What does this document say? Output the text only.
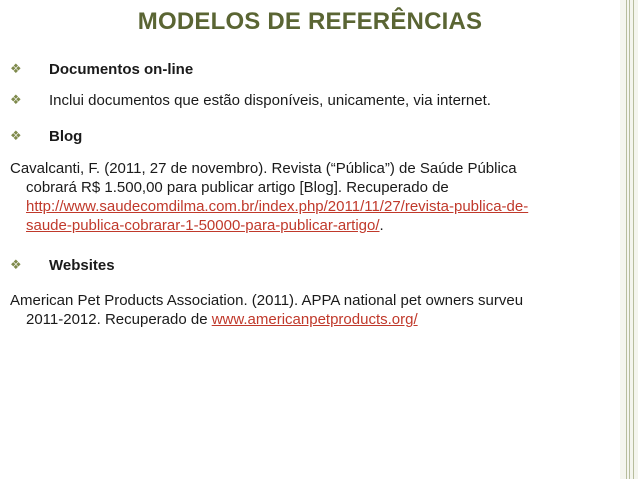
MODELOS DE REFERÊNCIAS
❖	Documentos on-line
❖	Inclui documentos que estão disponíveis, unicamente, via internet.
❖	Blog
Cavalcanti, F. (2011, 27 de novembro). Revista (“Pública”) de Saúde Pública
cobrará R$ 1.500,00 para publicar artigo [Blog]. Recuperado de
http://www.saudecomdilma.com.br/index.php/2011/11/27/revista-publica-de-
saude-publica-cobrarar-1-50000-para-publicar-artigo/.
❖	Websites
American Pet Products Association. (2011). APPA national pet owners surveu
2011-2012. Recuperado de www.americanpetproducts.org/
